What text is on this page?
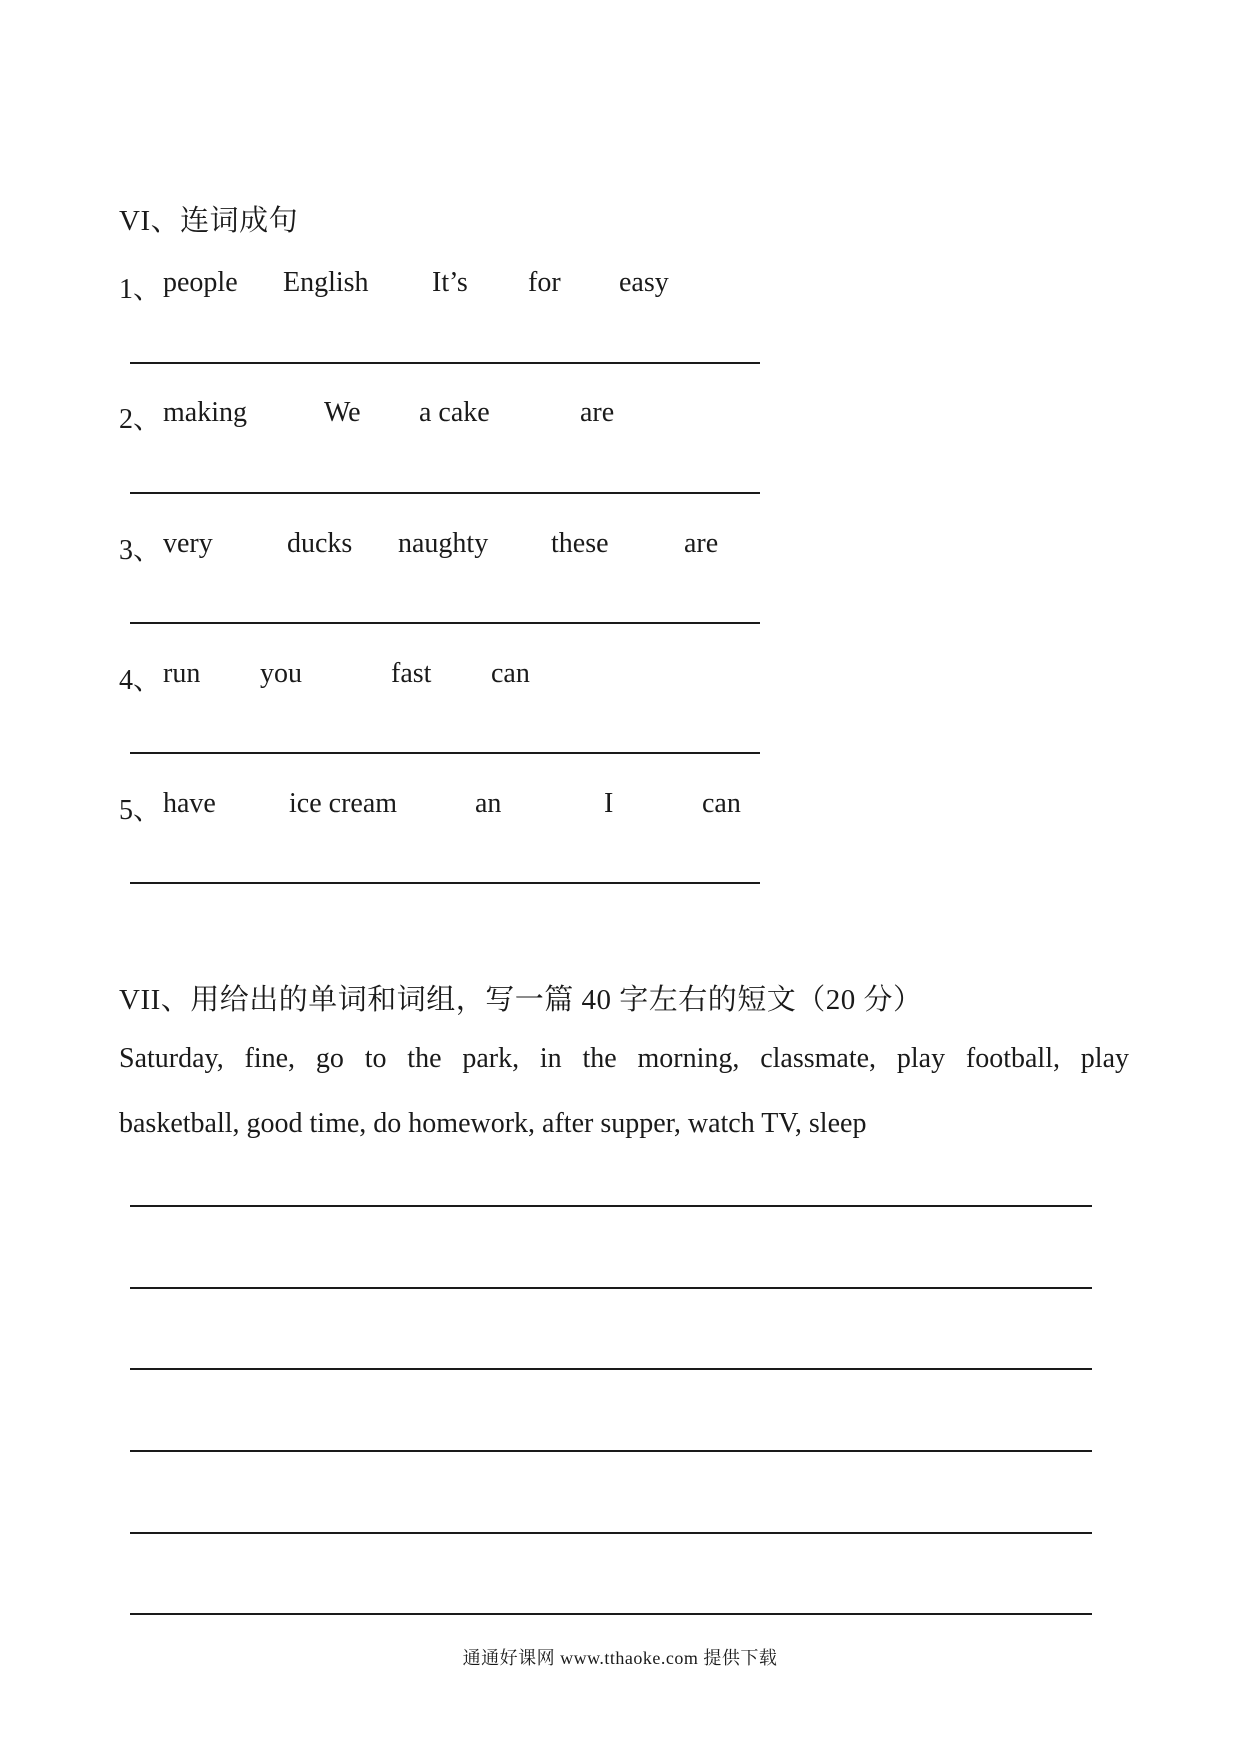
VI、连词成句
1、 people English It’s for easy
2、 making	We a cake	are
3、 very	ducks naughty these	are
4、 run you	fast can
5、 have	ice cream	an	I	can
VII、用给出的单词和词组，写一篇 40 字左右的短文（20 分）
Saturday, fine, go to the park, in the morning, classmate, play football, play
basketball, good time, do homework, after supper, watch TV, sleep
通通好课网 www.tthaoke.com 提供下载
